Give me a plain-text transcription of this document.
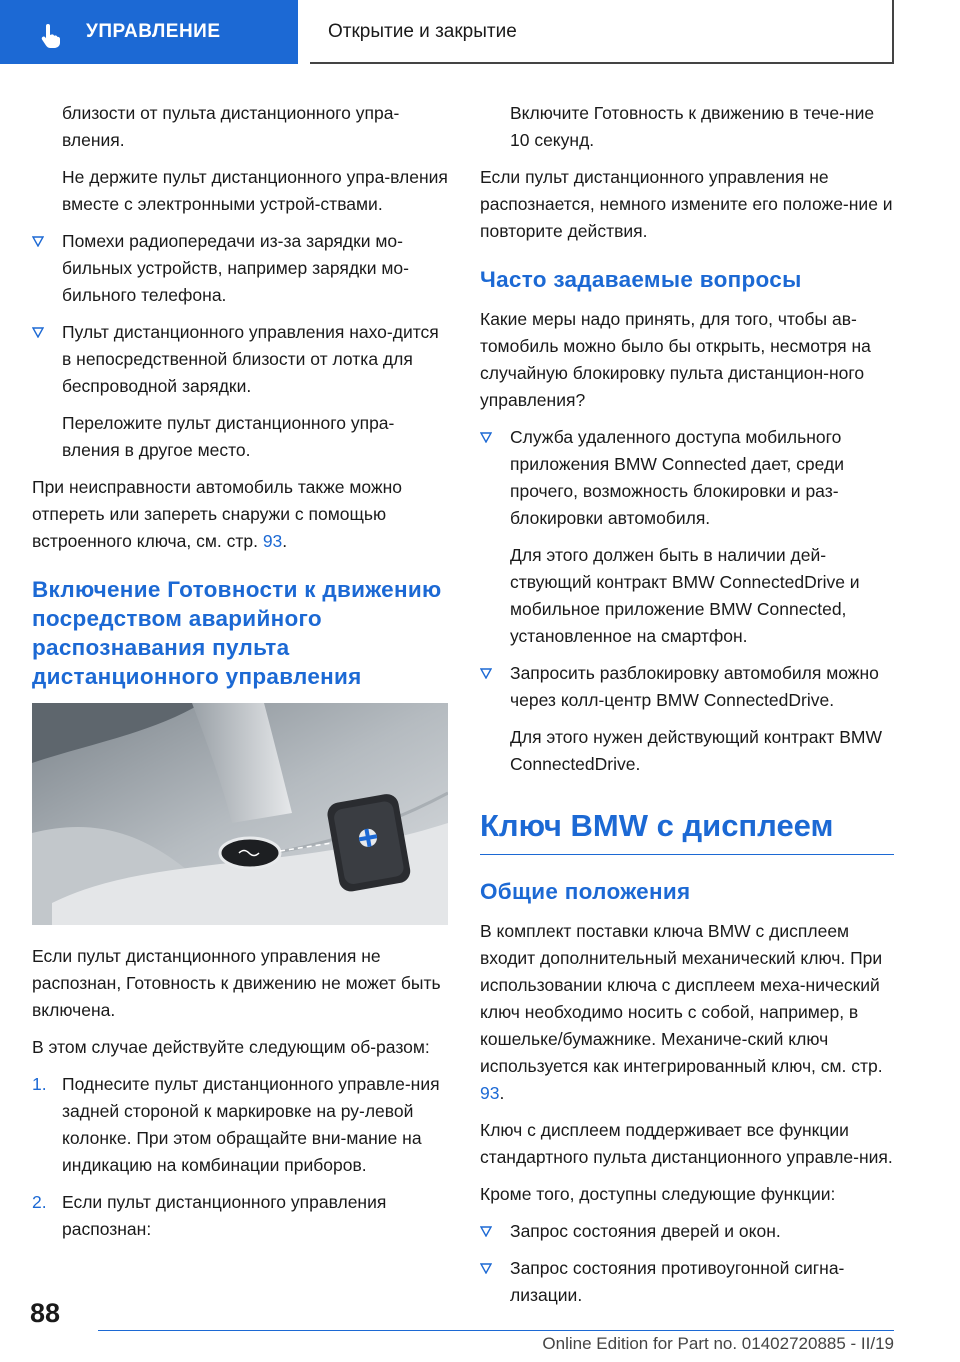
УПРАВЛЕНИЕ	Открытие и закрытие

близости от пульта дистанционного упра-вления.

Не держите пульт дистанционного упра-вления вместе с электронными устрой-ствами.

Помехи радиопередачи из-за зарядки мо-бильных устройств, например зарядки мо-бильного телефона.

Пульт дистанционного управления нахо-дится в непосредственной близости от лотка для беспроводной зарядки.

Переложите пульт дистанционного упра-вления в другое место.

При неисправности автомобиль также можно отпереть или запереть снаружи с помощью встроенного ключа, см. стр. 93.

Включение Готовности к движению посредством аварийного распознавания пульта дистанционного управления

Если пульт дистанционного управления не распознан, Готовность к движению не может быть включена.

В этом случае действуйте следующим об-разом:

1. Поднесите пульт дистанционного управле-ния задней стороной к маркировке на ру-левой колонке. При этом обращайте вни-мание на индикацию на комбинации приборов.

2. Если пульт дистанционного управления распознан:

Включите Готовность к движению в тече-ние 10 секунд.

Если пульт дистанционного управления не распознается, немного измените его положе-ние и повторите действия.

Часто задаваемые вопросы

Какие меры надо принять, для того, чтобы ав-томобиль можно было бы открыть, несмотря на случайную блокировку пульта дистанцион-ного управления?

Служба удаленного доступа мобильного приложения BMW Connected дает, среди прочего, возможность блокировки и раз-блокировки автомобиля.

Для этого должен быть в наличии дей-ствующий контракт BMW ConnectedDrive и мобильное приложение BMW Connected, установленное на смартфон.

Запросить разблокировку автомобиля можно через колл-центр BMW ConnectedDrive.

Для этого нужен действующий контракт BMW ConnectedDrive.

Ключ BMW с дисплеем
Общие положения

В комплект поставки ключа BMW с дисплеем входит дополнительный механический ключ. При использовании ключа с дисплеем меха-нический ключ необходимо носить с собой, например, в кошельке/бумажнике. Механиче-ский ключ используется как интегрированный ключ, см. стр. 93.

Ключ с дисплеем поддерживает все функции стандартного пульта дистанционного управле-ния.

Кроме того, доступны следующие функции:

Запрос состояния дверей и окон.

Запрос состояния противоугонной сигна-лизации.

88
Online Edition for Part no. 01402720885 - II/19
